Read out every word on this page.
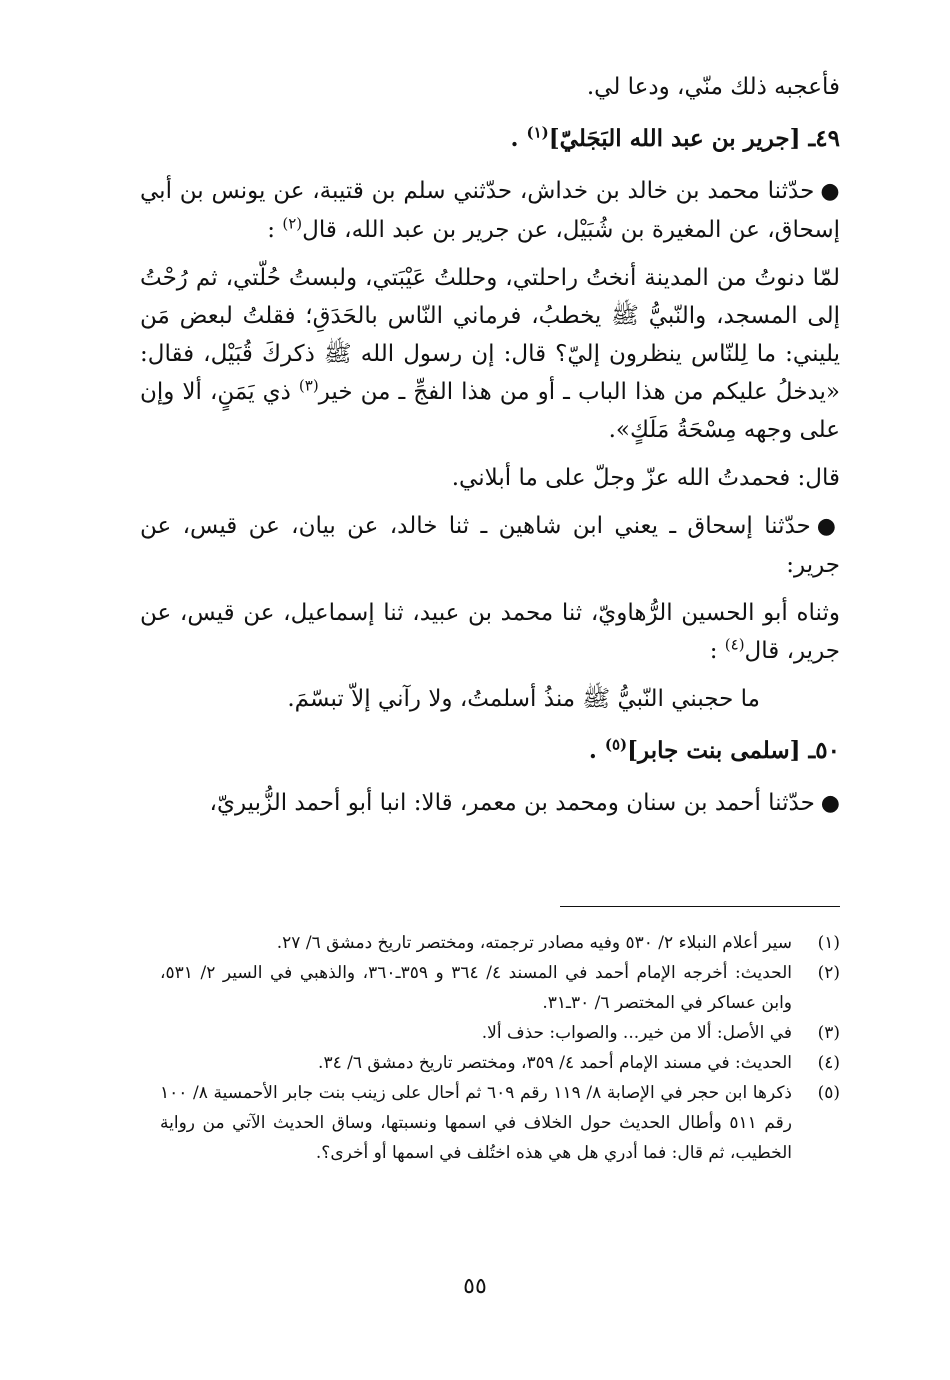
فأعجبه ذلك منّي، ودعا لي.

٤٩ـ [جرير بن عبد الله البَجَليّ]$^{(١)}$ .

●حدّثنا محمد بن خالد بن خداش، حدّثني سلم بن قتيبة، عن يونس بن أبي إسحاق، عن المغيرة بن شُبَيْل، عن جرير بن عبد الله، قال$^{(٢)}$ :

لمّا دنوتُ من المدينة أنختُ راحلتي، وحللتُ عَيْبَتي، ولبستُ حُلّتي، ثم رُحْتُ إلى المسجد، والنّبيُّ ﷺ يخطبُ، فرماني النّاس بالحَدَقِ؛ فقلتُ لبعض مَن يليني: ما لِلنّاس ينظرون إليّ؟ قال: إن رسول الله ﷺ ذكركَ قُبَيْل، فقال: «يدخلُ عليكم من هذا الباب ـ أو من هذا الفجِّ ـ من خير$^{(٣)}$ ذي يَمَنٍ، ألا وإن على وجهه مِسْحَةُ مَلَكٍ».

قال: فحمدتُ الله عزّ وجلّ على ما أبلاني.

●حدّثنا إسحاق ـ يعني ابن شاهين ـ ثنا خالد، عن بيان، عن قيس، عن جرير:

وثناه أبو الحسين الرُّهاويّ، ثنا محمد بن عبيد، ثنا إسماعيل، عن قيس، عن جرير، قال$^{(٤)}$ :

ما حجبني النّبيُّ ﷺ منذُ أسلمتُ، ولا رآني إلاّ تبسّمَ.

٥٠ـ [سلمى بنت جابر]$^{(٥)}$ .

●حدّثنا أحمد بن سنان ومحمد بن معمر، قالا: انبا أبو أحمد الزُّبيريّ،

(١)
سير أعلام النبلاء ٢/ ٥٣٠ وفيه مصادر ترجمته، ومختصر تاريخ دمشق ٦/ ٢٧.
(٢)
الحديث: أخرجه الإمام أحمد في المسند ٤/ ٣٦٤ و ٣٥٩ـ٣٦٠، والذهبي في السير ٢/ ٥٣١، وابن عساكر في المختصر ٦/ ٣٠ـ٣١.
(٣)
في الأصل: ألا من خير... والصواب: حذف ألا.
(٤)
الحديث: في مسند الإمام أحمد ٤/ ٣٥٩، ومختصر تاريخ دمشق ٦/ ٣٤.
(٥)
ذكرها ابن حجر في الإصابة ٨/ ١١٩ رقم ٦٠٩ ثم أحال على زينب بنت جابر الأحمسية ٨/ ١٠٠ رقم ٥١١ وأطال الحديث حول الخلاف في اسمها ونسبتها، وساق الحديث الآتي من رواية الخطيب، ثم قال: فما أدري هل هي هذه اختُلف في اسمها أو أخرى؟.
٥٥
